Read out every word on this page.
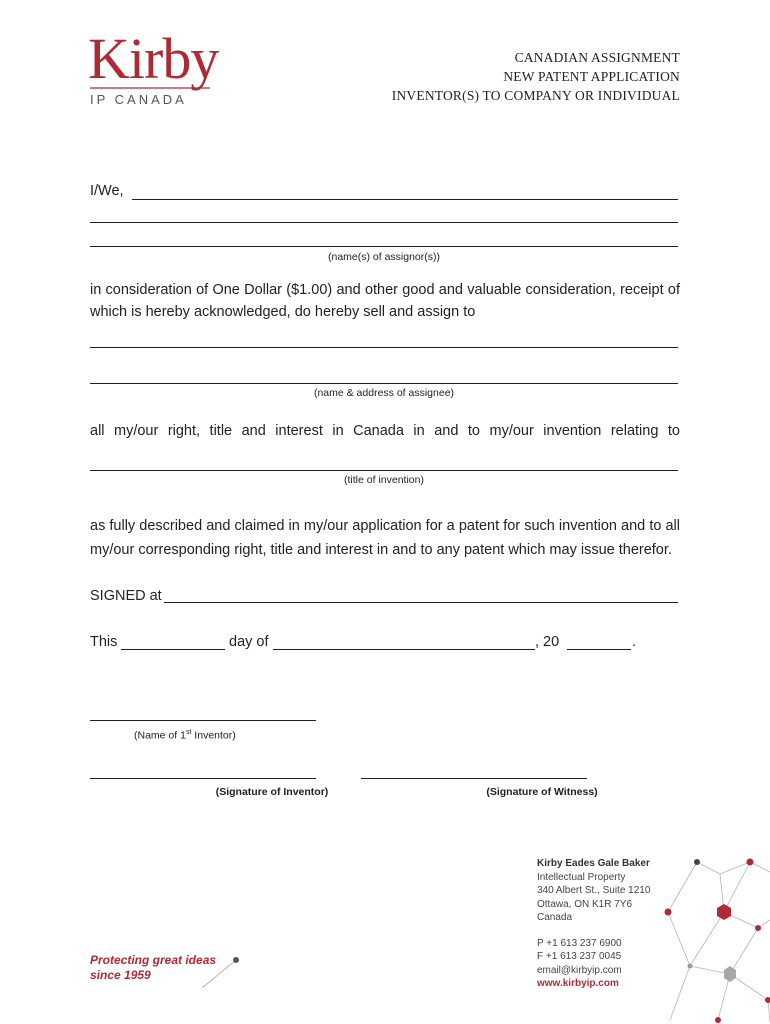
Kirby
IP CANADA
CANADIAN ASSIGNMENT
NEW PATENT APPLICATION
INVENTOR(S) TO COMPANY OR INDIVIDUAL
I/We,
(name(s) of assignor(s))
in consideration of One Dollar ($1.00) and other good and valuable consideration, receipt of
which is hereby acknowledged, do hereby sell and assign to
(name & address of assignee)
all my/our right, title and interest in Canada in and to my/our invention relating to
(title of invention)
as fully described and claimed in my/our application for a patent for such invention and to all
my/our corresponding right, title and interest in and to any patent which may issue therefor.
SIGNED at
This	day of	, 20	.
(Name of 1st Inventor)
(Signature of Inventor)	(Signature of Witness)
Protecting great ideas
since 1959
Kirby Eades Gale Baker
Intellectual Property
340 Albert St., Suite 1210
Ottawa, ON K1R 7Y6
Canada
P +1 613 237 6900
F +1 613 237 0045
email@kirbyip.com
www.kirbyip.com
